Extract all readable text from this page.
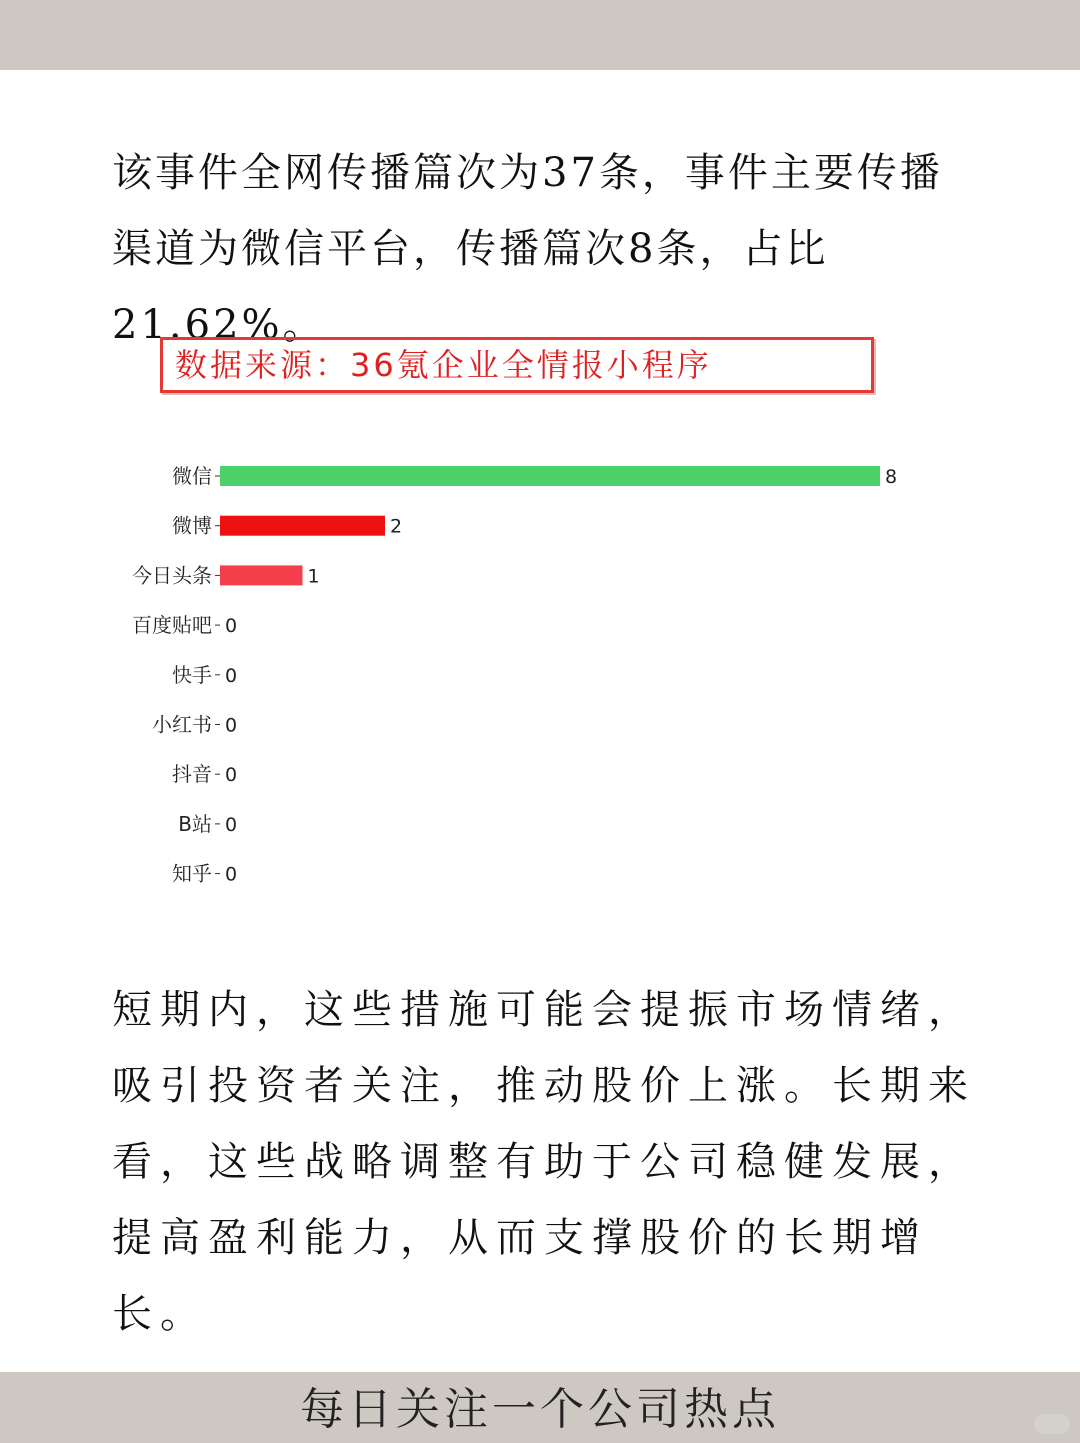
该事件全网传播篇次为37条，事件主要传播渠道为微信平台，传播篇次8条，占比21.62%。

数据来源：36氪企业全情报小程序
微信	8
微博	2
今日头条	1
百度贴吧 0
快手 0
小红书 0
抖音 0
B站 0
知乎 0

短期内，这些措施可能会提振市场情绪，吸引投资者关注，推动股价上涨。长期来看，这些战略调整有助于公司稳健发展，提高盈利能力，从而支撑股价的长期增长。

每日关注一个公司热点
